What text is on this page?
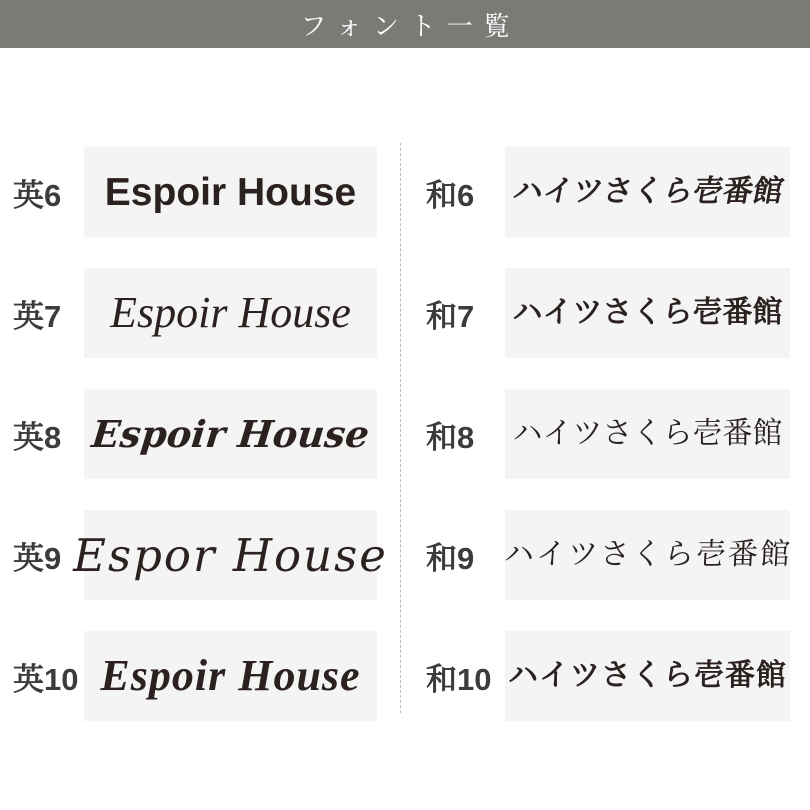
フォント一覧
英6	Espoir House
英7	Espoir House
英8 Espoir House
英9 Espor House
英10 Espoir House
和6	ハイツさくら壱番館
和7	ハイツさくら壱番館
和8	ハイツさくら壱番館
和9 ハイツさくら壱番館
和10 ハイツさくら壱番館
